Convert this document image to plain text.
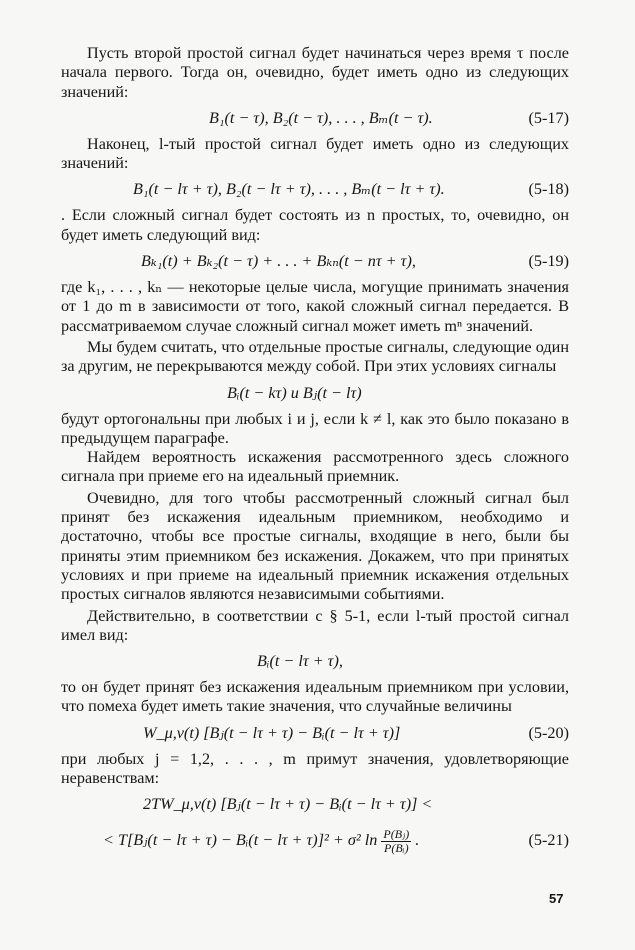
Пусть второй простой сигнал будет начинаться через время τ после начала первого. Тогда он, очевидно, будет иметь одно из следующих значений:

B₁(t − τ), B₂(t − τ), . . . , Bₘ(t − τ).	(5-17)

Наконец, l-тый простой сигнал будет иметь одно из следующих значений:

B₁(t − lτ + τ), B₂(t − lτ + τ), . . . , Bₘ(t − lτ + τ).	(5-18)

. Если сложный сигнал будет состоять из n простых, то, очевидно, он будет иметь следующий вид:

Bₖ₁(t) + Bₖ₂(t − τ) + . . . + Bₖₙ(t − nτ + τ),	(5-19)

где k₁, . . . , kₙ — некоторые целые числа, могущие принимать значения от 1 до m в зависимости от того, какой сложный сигнал передается. В рассматриваемом случае сложный сигнал может иметь mⁿ значений.

Мы будем считать, что отдельные простые сигналы, следующие один за другим, не перекрываются между собой. При этих условиях сигналы

Bᵢ(t − kτ) и Bⱼ(t − lτ)

будут ортогональны при любых i и j, если k ≠ l, как это было показано в предыдущем параграфе.

Найдем вероятность искажения рассмотренного здесь сложного сигнала при приеме его на идеальный приемник.

Очевидно, для того чтобы рассмотренный сложный сигнал был принят без искажения идеальным приемником, необходимо и достаточно, чтобы все простые сигналы, входящие в него, были бы приняты этим приемником без искажения. Докажем, что при принятых условиях и при приеме на идеальный приемник искажения отдельных простых сигналов являются независимыми событиями.

Действительно, в соответствии с § 5-1, если l-тый простой сигнал имел вид:

Bᵢ(t − lτ + τ),

то он будет принят без искажения идеальным приемником при условии, что помеха будет иметь такие значения, что случайные величины

W_μ,ν(t) [Bⱼ(t − lτ + τ) − Bᵢ(t − lτ + τ)]	(5-20)

при любых j = 1,2, . . . , m примут значения, удовлетворяющие неравенствам:

2TW_μ,ν(t) [Bⱼ(t − lτ + τ) − Bᵢ(t − lτ + τ)] <
< T[Bⱼ(t − lτ + τ) − Bᵢ(t − lτ + τ)]² + σ² $\ln \frac{\text{P(Bⱼ)}}{\text{P(Bᵢ)}}$ .	(5-21)
57
